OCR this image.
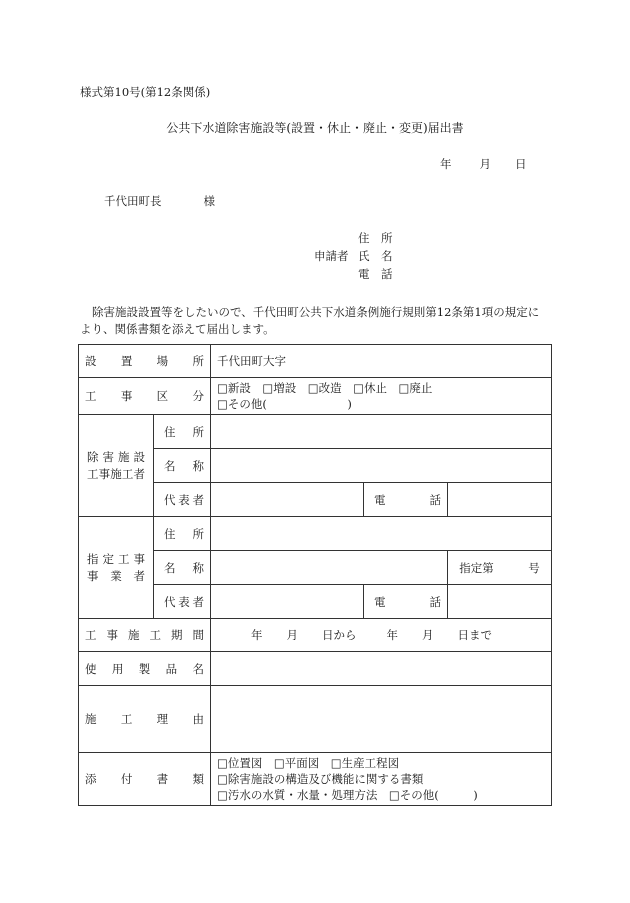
様式第10号(第12条関係)
公共下水道除害施設等(設置・休止・廃止・変更)届出書
年 月 日
千代田町長	様
住　所
申請者 氏　名
電　話
除害施設設置等をしたいので、千代田町公共下水道条例施行規則第12条第1項の規定により、関係書類を添えて届出します。
設置場所		千代田町大字		
工事区分		□新設　□増設　□改造　□休止　□廃止
□その他(　　　　　　　)		

除害施設
工事施工者	住所			
	名称			
	代表者		電話	

指定工事
事業者	住所			
	名称			指定第　　　号
	代表者		電話	
工事施工期間		年 月 日から 年 月 日まで		
使用製品名				
施工理由				
添付書類		□位置図　□平面図　□生産工程図
□除害施設の構造及び機能に関する書類
□汚水の水質・水量・処理方法　□その他(　　　)		
